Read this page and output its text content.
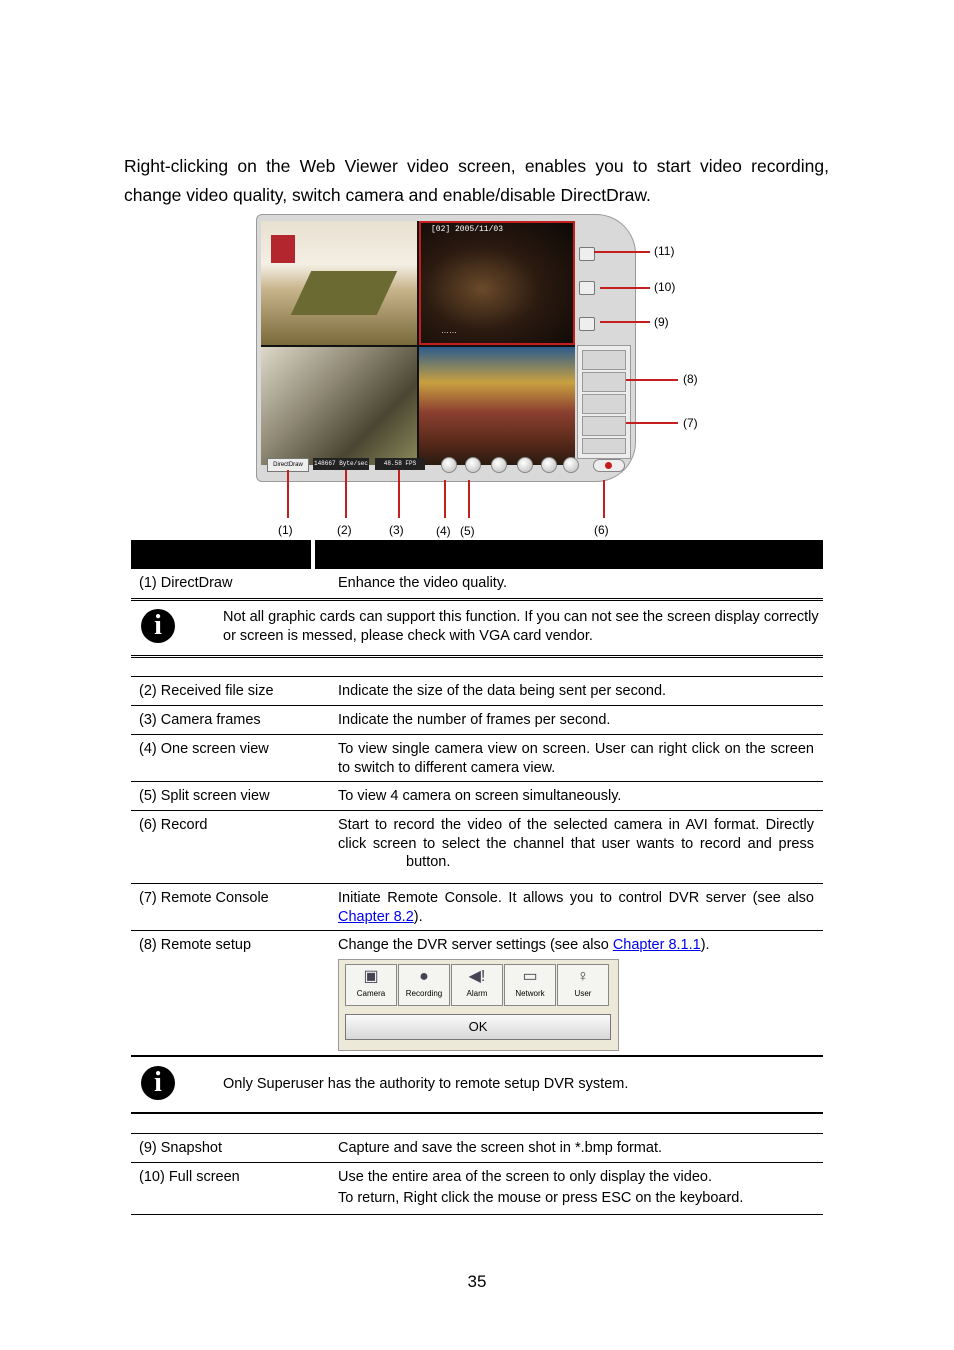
Right-clicking on the Web Viewer video screen, enables you to start video recording, change video quality, switch camera and enable/disable DirectDraw.

[02] 2005/11/03
……
DirectDraw	148667 Byte/sec	48.58 FPS
(1)	(2)	(3)	(4) (5)	(6)
(11)
(10)
(9)
(8)
(7)
(1) DirectDraw	Enhance the video quality.
i	Not all graphic cards can support this function. If you can not see the screen display correctly or screen is messed, please check with VGA card vendor.
(2) Received file size	Indicate the size of the data being sent per second.
(3) Camera frames	Indicate the number of frames per second.
(4) One screen view	To view single camera view on screen. User can right click on the screen to switch to different camera view.
(5) Split screen view	To view 4 camera on screen simultaneously.
(6) Record	Start to record the video of the selected camera in AVI format. Directly click screen to select the channel that user wants to record and press  button.
(7) Remote Console	Initiate Remote Console. It allows you to control DVR server (see also Chapter 8.2).
(8) Remote setup	Change the DVR server settings (see also Chapter 8.1.1).
▣
Camera
●
Recording
◀!
Alarm
▭
Network
♀
User
OK
i	Only Superuser has the authority to remote setup DVR system.
(9) Snapshot	Capture and save the screen shot in *.bmp format.
(10) Full screen	Use the entire area of the screen to only display the video.
To return, Right click the mouse or press ESC on the keyboard.
35
